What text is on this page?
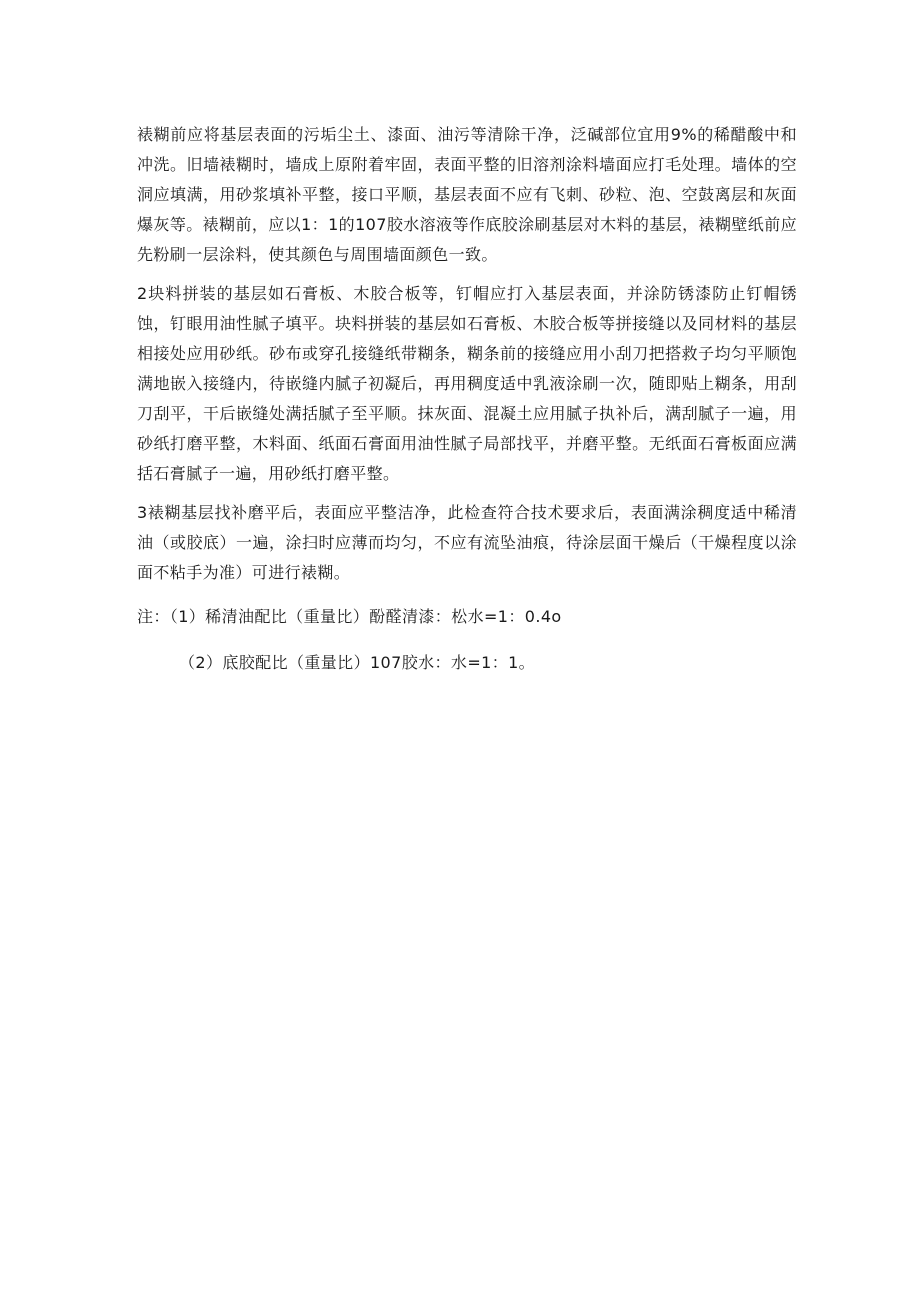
裱糊前应将基层表面的污垢尘土、漆面、油污等清除干净，泛碱部位宜用9%的稀醋酸中和冲洗。旧墙裱糊时，墙成上原附着牢固，表面平整的旧溶剂涂料墙面应打毛处理。墙体的空洞应填满，用砂浆填补平整，接口平顺，基层表面不应有飞刺、砂粒、泡、空鼓离层和灰面爆灰等。裱糊前，应以1：1的107胶水溶液等作底胶涂刷基层对木料的基层，裱糊壁纸前应先粉刷一层涂料，使其颜色与周围墙面颜色一致。

2块料拼装的基层如石膏板、木胶合板等，钉帽应打入基层表面，并涂防锈漆防止钉帽锈蚀，钉眼用油性腻子填平。块料拼装的基层如石膏板、木胶合板等拼接缝以及同材料的基层相接处应用砂纸。砂布或穿孔接缝纸带糊条，糊条前的接缝应用小刮刀把搭救子均匀平顺饱满地嵌入接缝内，待嵌缝内腻子初凝后，再用稠度适中乳液涂刷一次，随即贴上糊条，用刮刀刮平，干后嵌缝处满括腻子至平顺。抹灰面、混凝土应用腻子执补后，满刮腻子一遍，用砂纸打磨平整，木料面、纸面石膏面用油性腻子局部找平，并磨平整。无纸面石膏板面应满括石膏腻子一遍，用砂纸打磨平整。

3裱糊基层找补磨平后，表面应平整洁净，此检查符合技术要求后，表面满涂稠度适中稀清油（或胶底）一遍，涂扫时应薄而均匀，不应有流坠油痕，待涂层面干燥后（干燥程度以涂面不粘手为准）可进行裱糊。

注：（1）稀清油配比（重量比）酚醛清漆：松水=1：0.4o

（2）底胶配比（重量比）107胶水：水=1：1。
